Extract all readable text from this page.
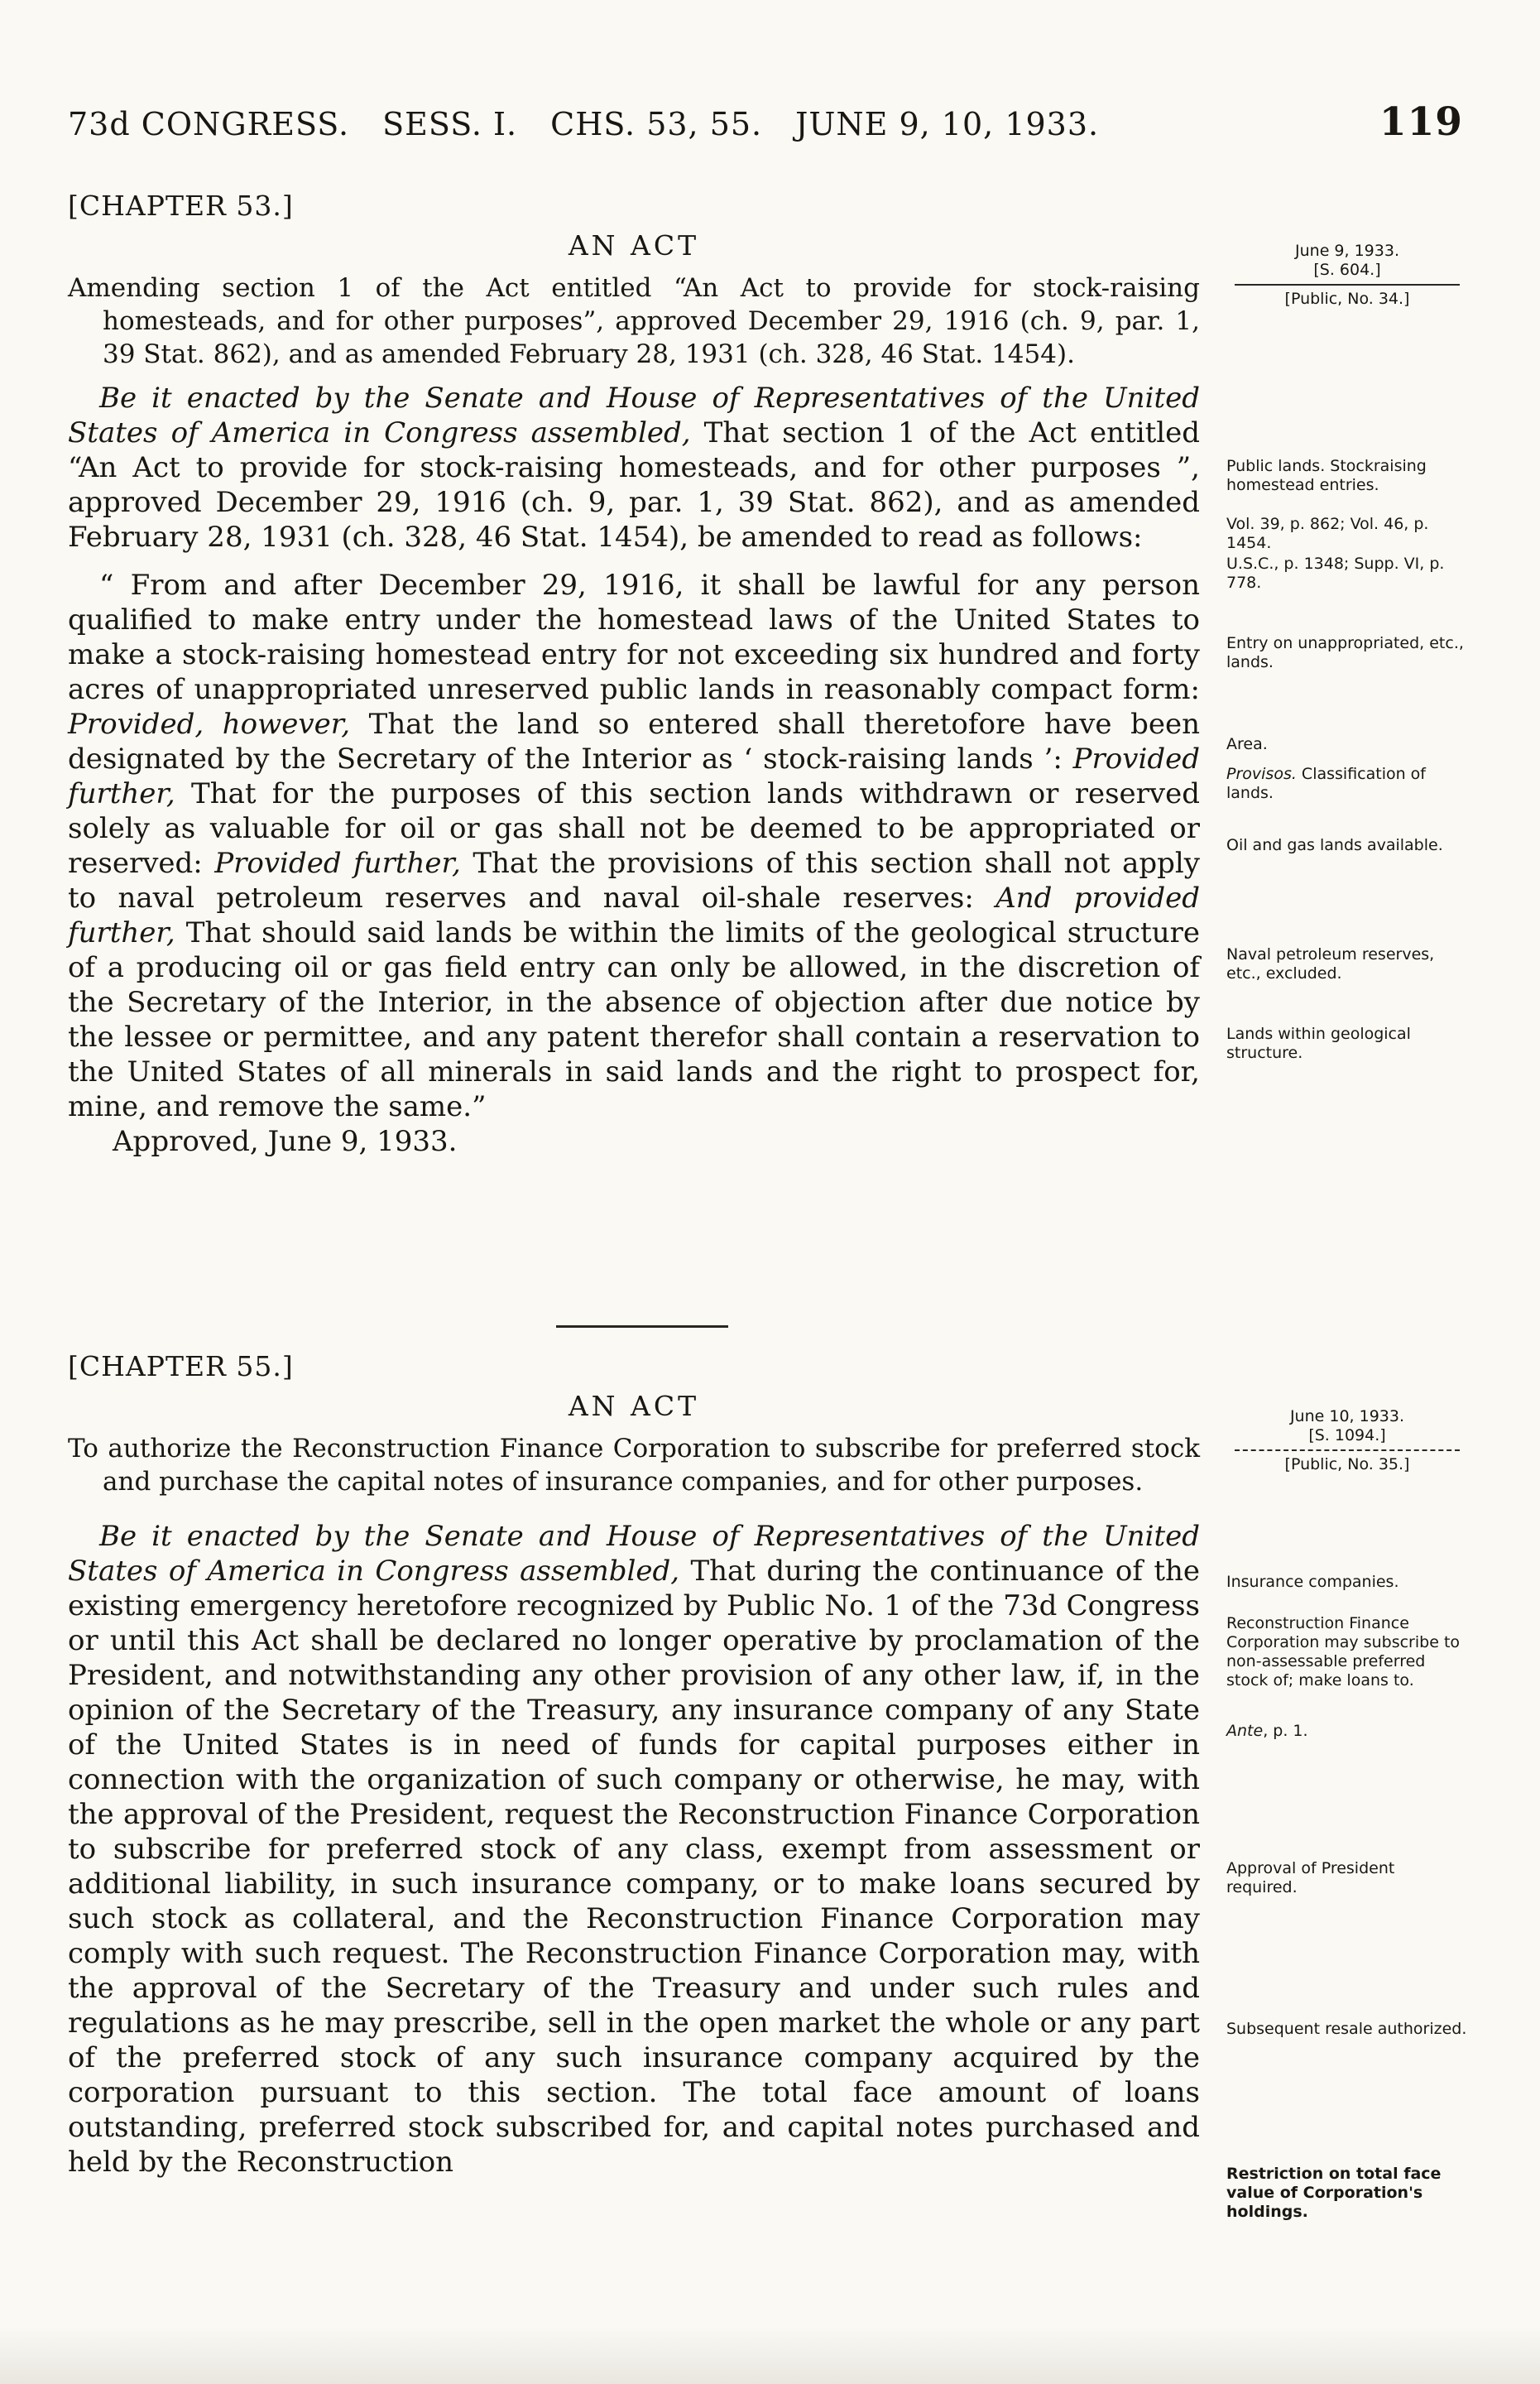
73d CONGRESS. SESS. I. CHS. 53, 55. JUNE 9, 10, 1933.	119
[CHAPTER 53.]
AN ACT

Amending section 1 of the Act entitled “An Act to provide for stock-raising homesteads, and for other purposes”, approved December 29, 1916 (ch. 9, par. 1, 39 Stat. 862), and as amended February 28, 1931 (ch. 328, 46 Stat. 1454).

Be it enacted by the Senate and House of Representatives of the United States of America in Congress assembled, That section 1 of the Act entitled “An Act to provide for stock-raising homesteads, and for other purposes ”, approved December 29, 1916 (ch. 9, par. 1, 39 Stat. 862), and as amended February 28, 1931 (ch. 328, 46 Stat. 1454), be amended to read as follows:

“ From and after December 29, 1916, it shall be lawful for any person qualified to make entry under the homestead laws of the United States to make a stock-raising homestead entry for not exceeding six hundred and forty acres of unappropriated unreserved public lands in reasonably compact form: Provided, however, That the land so entered shall theretofore have been designated by the Secretary of the Interior as ‘ stock-raising lands ’: Provided further, That for the purposes of this section lands withdrawn or reserved solely as valuable for oil or gas shall not be deemed to be appropriated or reserved: Provided further, That the provisions of this section shall not apply to naval petroleum reserves and naval oil-shale reserves: And provided further, That should said lands be within the limits of the geological structure of a producing oil or gas field entry can only be allowed, in the discretion of the Secretary of the Interior, in the absence of objection after due notice by the lessee or permittee, and any patent therefor shall contain a reservation to the United States of all minerals in said lands and the right to prospect for, mine, and remove the same.”

Approved, June 9, 1933.

[CHAPTER 55.]
AN ACT

To authorize the Reconstruction Finance Corporation to subscribe for preferred stock and purchase the capital notes of insurance companies, and for other purposes.

Be it enacted by the Senate and House of Representatives of the United States of America in Congress assembled, That during the continuance of the existing emergency heretofore recognized by Public No. 1 of the 73d Congress or until this Act shall be declared no longer operative by proclamation of the President, and notwithstanding any other provision of any other law, if, in the opinion of the Secretary of the Treasury, any insurance company of any State of the United States is in need of funds for capital purposes either in connection with the organization of such company or otherwise, he may, with the approval of the President, request the Reconstruction Finance Corporation to subscribe for preferred stock of any class, exempt from assessment or additional liability, in such insurance company, or to make loans secured by such stock as collateral, and the Reconstruction Finance Corporation may comply with such request. The Reconstruction Finance Corporation may, with the approval of the Secretary of the Treasury and under such rules and regulations as he may prescribe, sell in the open market the whole or any part of the preferred stock of any such insurance company acquired by the corporation pursuant to this section. The total face amount of loans outstanding, preferred stock subscribed for, and capital notes purchased and held by the Reconstruction

June 9, 1933.
[S. 604.]
[Public, No. 34.]
Public lands. Stockraising homestead entries.
Vol. 39, p. 862; Vol. 46, p. 1454.
U.S.C., p. 1348; Supp. VI, p. 778.
Entry on unappropriated, etc., lands.
Area.
Provisos. Classification of lands.
Oil and gas lands available.
Naval petroleum reserves, etc., excluded.
Lands within geological structure.
June 10, 1933.
[S. 1094.]
[Public, No. 35.]
Insurance companies.
Reconstruction Finance Corporation may subscribe to non-assessable preferred stock of; make loans to.
Ante, p. 1.
Approval of President required.
Subsequent resale authorized.
Restriction on total face value of Corporation's holdings.
